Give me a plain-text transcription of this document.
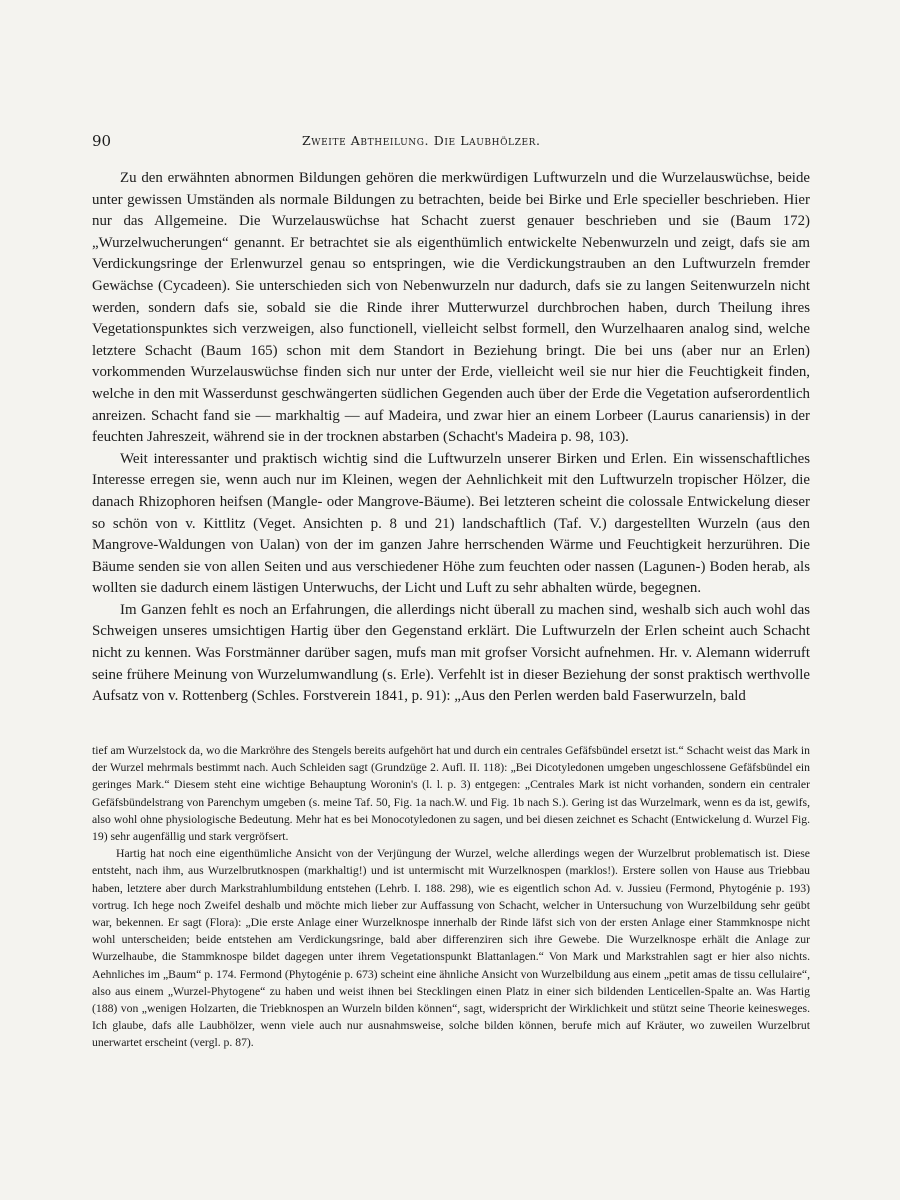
90	Zweite Abtheilung. Die Laubhölzer.

Zu den erwähnten abnormen Bildungen gehören die merkwürdigen Luftwurzeln und die Wurzelauswüchse, beide unter gewissen Umständen als normale Bildungen zu betrachten, beide bei Birke und Erle specieller beschrieben. Hier nur das Allgemeine. Die Wurzelauswüchse hat Schacht zuerst genauer beschrieben und sie (Baum 172) „Wurzelwucherungen“ genannt. Er betrachtet sie als eigenthümlich entwickelte Nebenwurzeln und zeigt, dafs sie am Verdickungsringe der Erlenwurzel genau so entspringen, wie die Verdickungstrauben an den Luftwurzeln fremder Gewächse (Cycadeen). Sie unterschieden sich von Nebenwurzeln nur dadurch, dafs sie zu langen Seitenwurzeln nicht werden, sondern dafs sie, sobald sie die Rinde ihrer Mutterwurzel durchbrochen haben, durch Theilung ihres Vegetationspunktes sich verzweigen, also functionell, vielleicht selbst formell, den Wurzelhaaren analog sind, welche letztere Schacht (Baum 165) schon mit dem Standort in Beziehung bringt. Die bei uns (aber nur an Erlen) vorkommenden Wurzelauswüchse finden sich nur unter der Erde, vielleicht weil sie nur hier die Feuchtigkeit finden, welche in den mit Wasserdunst geschwängerten südlichen Gegenden auch über der Erde die Vegetation aufserordentlich anreizen. Schacht fand sie — markhaltig — auf Madeira, und zwar hier an einem Lorbeer (Laurus canariensis) in der feuchten Jahreszeit, während sie in der trocknen abstarben (Schacht's Madeira p. 98, 103).

Weit interessanter und praktisch wichtig sind die Luftwurzeln unserer Birken und Erlen. Ein wissenschaftliches Interesse erregen sie, wenn auch nur im Kleinen, wegen der Aehnlichkeit mit den Luftwurzeln tropischer Hölzer, die danach Rhizophoren heifsen (Mangle- oder Mangrove-Bäume). Bei letzteren scheint die colossale Entwickelung dieser so schön von v. Kittlitz (Veget. Ansichten p. 8 und 21) landschaftlich (Taf. V.) dargestellten Wurzeln (aus den Mangrove-Waldungen von Ualan) von der im ganzen Jahre herrschenden Wärme und Feuchtigkeit herzurühren. Die Bäume senden sie von allen Seiten und aus verschiedener Höhe zum feuchten oder nassen (Lagunen-) Boden herab, als wollten sie dadurch einem lästigen Unterwuchs, der Licht und Luft zu sehr abhalten würde, begegnen.

Im Ganzen fehlt es noch an Erfahrungen, die allerdings nicht überall zu machen sind, weshalb sich auch wohl das Schweigen unseres umsichtigen Hartig über den Gegenstand erklärt. Die Luftwurzeln der Erlen scheint auch Schacht nicht zu kennen. Was Forstmänner darüber sagen, mufs man mit grofser Vorsicht aufnehmen. Hr. v. Alemann widerruft seine frühere Meinung von Wurzelumwandlung (s. Erle). Verfehlt ist in dieser Beziehung der sonst praktisch werthvolle Aufsatz von v. Rottenberg (Schles. Forstverein 1841, p. 91): „Aus den Perlen werden bald Faserwurzeln, bald

tief am Wurzelstock da, wo die Markröhre des Stengels bereits aufgehört hat und durch ein centrales Gefäfsbündel ersetzt ist.“ Schacht weist das Mark in der Wurzel mehrmals bestimmt nach. Auch Schleiden sagt (Grundzüge 2. Aufl. II. 118): „Bei Dicotyledonen umgeben ungeschlossene Gefäfsbündel ein geringes Mark.“ Diesem steht eine wichtige Behauptung Woronin's (l. l. p. 3) entgegen: „Centrales Mark ist nicht vorhanden, sondern ein centraler Gefäfsbündelstrang von Parenchym umgeben (s. meine Taf. 50, Fig. 1a nach.W. und Fig. 1b nach S.). Gering ist das Wurzelmark, wenn es da ist, gewifs, also wohl ohne physiologische Bedeutung. Mehr hat es bei Monocotyledonen zu sagen, und bei diesen zeichnet es Schacht (Entwickelung d. Wurzel Fig. 19) sehr augenfällig und stark vergröfsert.

Hartig hat noch eine eigenthümliche Ansicht von der Verjüngung der Wurzel, welche allerdings wegen der Wurzelbrut problematisch ist. Diese entsteht, nach ihm, aus Wurzelbrutknospen (markhaltig!) und ist untermischt mit Wurzelknospen (marklos!). Erstere sollen von Hause aus Triebbau haben, letztere aber durch Markstrahlumbildung entstehen (Lehrb. I. 188. 298), wie es eigentlich schon Ad. v. Jussieu (Fermond, Phytogénie p. 193) vortrug. Ich hege noch Zweifel deshalb und möchte mich lieber zur Auffassung von Schacht, welcher in Untersuchung von Wurzelbildung sehr geübt war, bekennen. Er sagt (Flora): „Die erste Anlage einer Wurzelknospe innerhalb der Rinde läfst sich von der ersten Anlage einer Stammknospe nicht wohl unterscheiden; beide entstehen am Verdickungsringe, bald aber differenziren sich ihre Gewebe. Die Wurzelknospe erhält die Anlage zur Wurzelhaube, die Stammknospe bildet dagegen unter ihrem Vegetationspunkt Blattanlagen.“ Von Mark und Markstrahlen sagt er hier also nichts. Aehnliches im „Baum“ p. 174. Fermond (Phytogénie p. 673) scheint eine ähnliche Ansicht von Wurzelbildung aus einem „petit amas de tissu cellulaire“, also aus einem „Wurzel-Phytogene“ zu haben und weist ihnen bei Stecklingen einen Platz in einer sich bildenden Lenticellen-Spalte an. Was Hartig (188) von „wenigen Holzarten, die Triebknospen an Wurzeln bilden können“, sagt, widerspricht der Wirklichkeit und stützt seine Theorie keinesweges. Ich glaube, dafs alle Laubhölzer, wenn viele auch nur ausnahmsweise, solche bilden können, berufe mich auf Kräuter, wo zuweilen Wurzelbrut unerwartet erscheint (vergl. p. 87).
